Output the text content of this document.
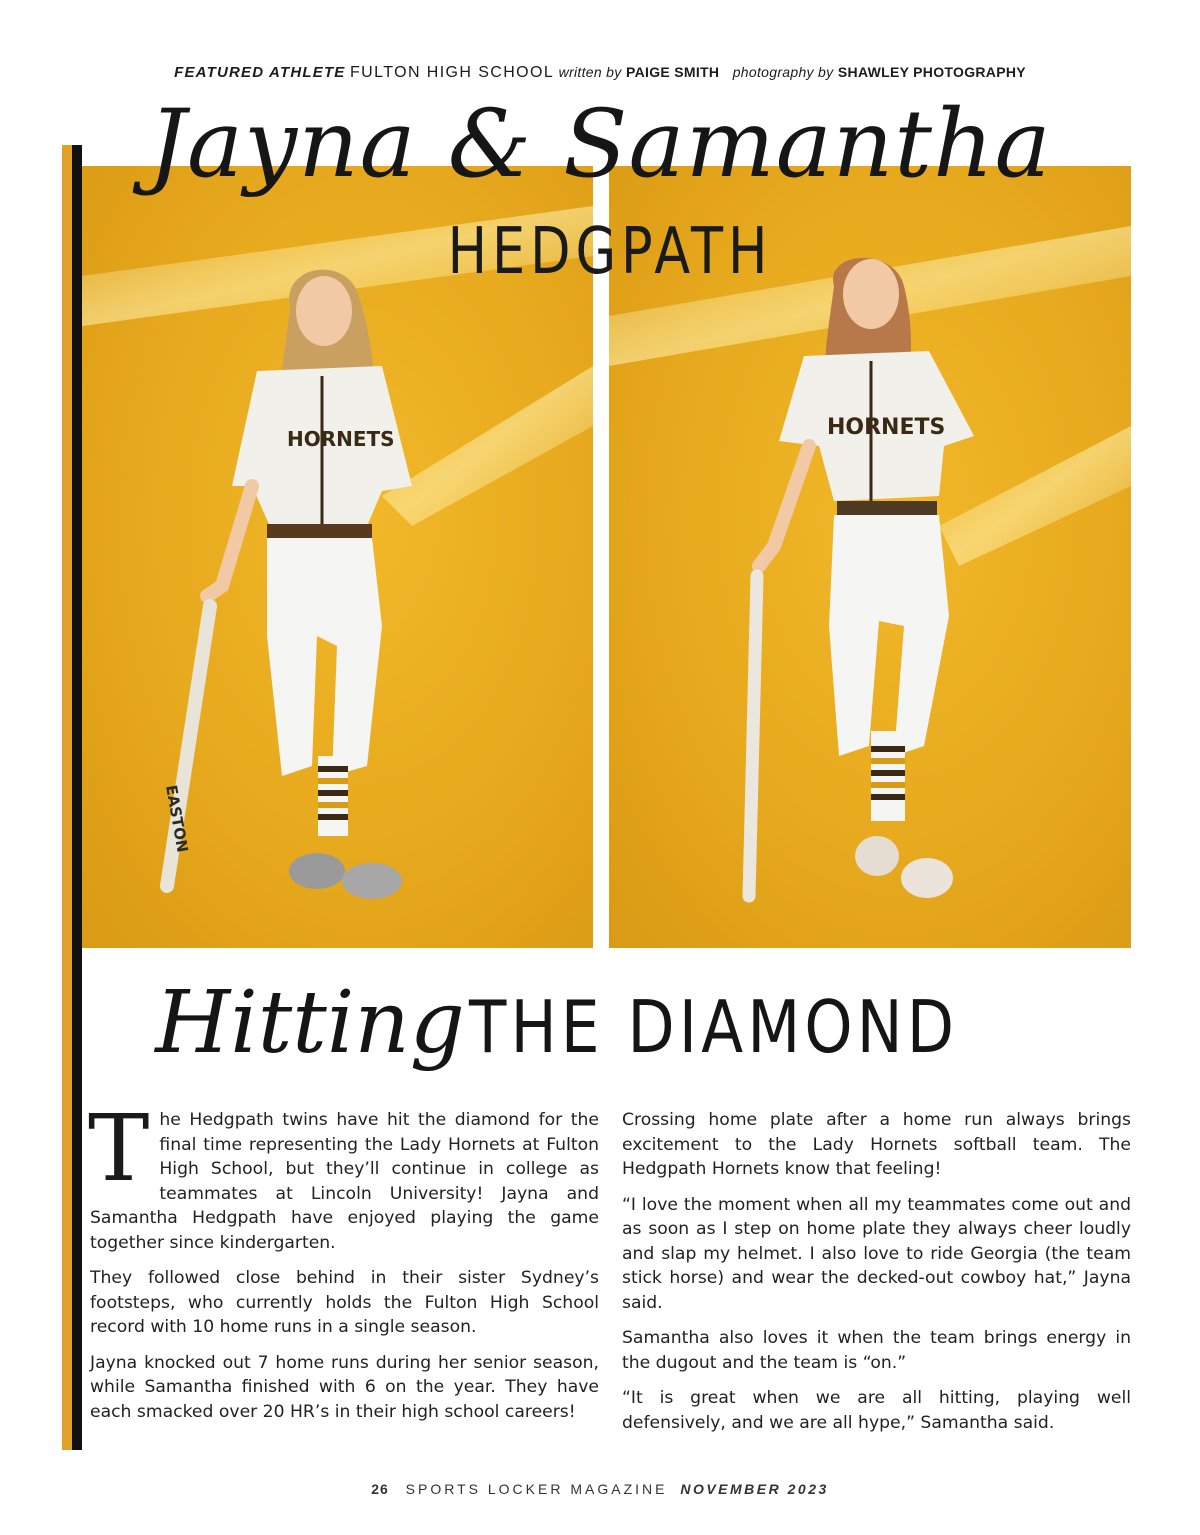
FEATURED ATHLETE FULTON HIGH SCHOOL written by PAIGE SMITH photography by SHAWLEY PHOTOGRAPHY
HORNETS
EASTON
HORNETS
Jayna & Samantha
HEDGPATH
Hitting THE DIAMOND

The Hedgpath twins have hit the diamond for the final time representing the Lady Hornets at Fulton High School, but they’ll continue in college as teammates at Lincoln University! Jayna and Samantha Hedgpath have enjoyed playing the game together since kindergarten.

They followed close behind in their sister Sydney’s footsteps, who currently holds the Fulton High School record with 10 home runs in a single season.

Jayna knocked out 7 home runs during her senior season, while Samantha finished with 6 on the year. They have each smacked over 20 HR’s in their high school careers!

Crossing home plate after a home run always brings excitement to the Lady Hornets softball team. The Hedgpath Hornets know that feeling!

“I love the moment when all my teammates come out and as soon as I step on home plate they always cheer loudly and slap my helmet. I also love to ride Georgia (the team stick horse) and wear the decked-out cowboy hat,” Jayna said.

Samantha also loves it when the team brings energy in the dugout and the team is “on.”

“It is great when we are all hitting, playing well defensively, and we are all hype,” Samantha said.

26 SPORTS LOCKER MAGAZINE NOVEMBER 2023
